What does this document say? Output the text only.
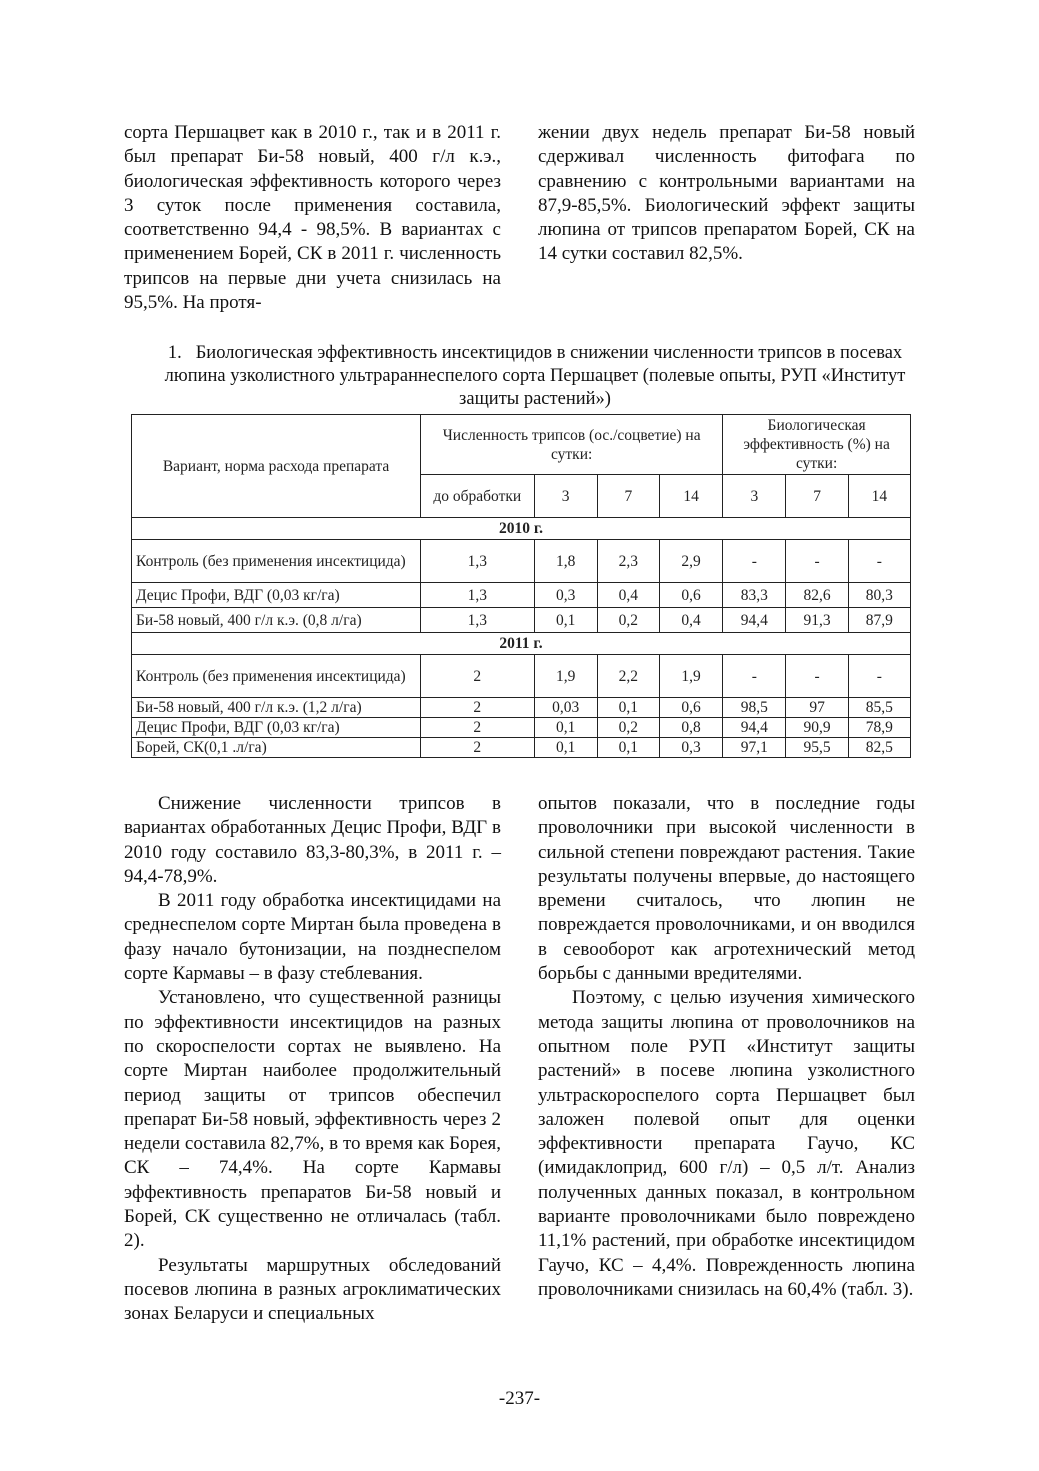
сорта Першацвет как в 2010 г., так и в 2011 г. был препарат Би-58 новый, 400 г/л к.э., биологическая эффективность которого через 3 суток после применения составила, соответственно 94,4 - 98,5%. В вариантах с применением Борей, СК в 2011 г. численность трипсов на первые дни учета снизилась на 95,5%. На протя-

жении двух недель препарат Би-58 новый сдерживал численность фитофага по сравнению с контрольными вариантами на 87,9-85,5%. Биологический эффект защиты люпина от трипсов препаратом Борей, СК на 14 сутки составил 82,5%.

1. Биологическая эффективность инсектицидов в снижении численности трипсов в посевах люпина узколистного ультрараннеспелого сорта Першацвет (полевые опыты, РУП «Институт защиты растений»)
Вариант, норма расхода препарата	Численность трипсов (ос./соцветие) на сутки:				Биологическая эффективность (%) на сутки:		
	до обработки	3	7	14	3	7	14
2010 г.							
Контроль (без применения инсектицида)	1,3	1,8	2,3	2,9	-	-	-
Децис Профи, ВДГ (0,03 кг/га)	1,3	0,3	0,4	0,6	83,3	82,6	80,3
Би-58 новый, 400 г/л к.э. (0,8 л/га)	1,3	0,1	0,2	0,4	94,4	91,3	87,9
2011 г.							
Контроль (без применения инсектицида)	2	1,9	2,2	1,9	-	-	-
Би-58 новый, 400 г/л к.э. (1,2 л/га)	2	0,03	0,1	0,6	98,5	97	85,5
Децис Профи, ВДГ (0,03 кг/га)	2	0,1	0,2	0,8	94,4	90,9	78,9
Борей, СК(0,1 .л/га)	2	0,1	0,1	0,3	97,1	95,5	82,5

Снижение численности трипсов в вариантах обработанных Децис Профи, ВДГ в 2010 году составило 83,3-80,3%, в 2011 г. – 94,4-78,9%.

В 2011 году обработка инсектицидами на среднеспелом сорте Миртан была проведена в фазу начало бутонизации, на позднеспелом сорте Кармавы – в фазу стеблевания.

Установлено, что существенной разницы по эффективности инсектицидов на разных по скороспелости сортах не выявлено. На сорте Миртан наиболее продолжительный период защиты от трипсов обеспечил препарат Би-58 новый, эффективность через 2 недели составила 82,7%, в то время как Борея, СК – 74,4%. На сорте Кармавы эффективность препаратов Би-58 новый и Борей, СК существенно не отличалась (табл. 2).

Результаты маршрутных обследований посевов люпина в разных агроклиматических зонах Беларуси и специальных

опытов показали, что в последние годы проволочники при высокой численности в сильной степени повреждают растения. Такие результаты получены впервые, до настоящего времени считалось, что люпин не повреждается проволочниками, и он вводился в севооборот как агротехнический метод борьбы с данными вредителями.

Поэтому, с целью изучения химического метода защиты люпина от проволочников на опытном поле РУП «Институт защиты растений» в посеве люпина узколистного ультраскороспелого сорта Першацвет был заложен полевой опыт для оценки эффективности препарата Гаучо, КС (имидаклоприд, 600 г/л) – 0,5 л/т. Анализ полученных данных показал, в контрольном варианте проволочниками было повреждено 11,1% растений, при обработке инсектицидом Гаучо, КС – 4,4%. Поврежденность люпина проволочниками снизилась на 60,4% (табл. 3).

-237-
